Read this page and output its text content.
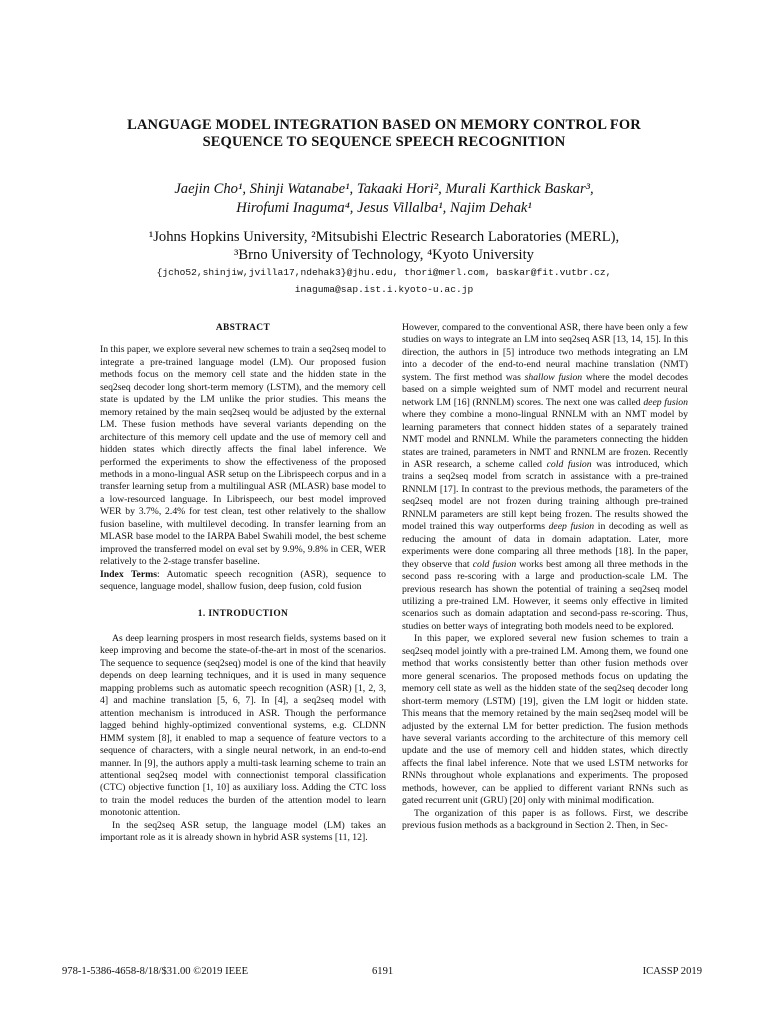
LANGUAGE MODEL INTEGRATION BASED ON MEMORY CONTROL FOR
SEQUENCE TO SEQUENCE SPEECH RECOGNITION
Jaejin Cho¹, Shinji Watanabe¹, Takaaki Hori², Murali Karthick Baskar³,
Hirofumi Inaguma⁴, Jesus Villalba¹, Najim Dehak¹
¹Johns Hopkins University, ²Mitsubishi Electric Research Laboratories (MERL),
³Brno University of Technology, ⁴Kyoto University
{jcho52,shinjiw,jvilla17,ndehak3}@jhu.edu, thori@merl.com, baskar@fit.vutbr.cz,
inaguma@sap.ist.i.kyoto-u.ac.jp
ABSTRACT

In this paper, we explore several new schemes to train a seq2seq model to integrate a pre-trained language model (LM). Our proposed fusion methods focus on the memory cell state and the hidden state in the seq2seq decoder long short-term memory (LSTM), and the memory cell state is updated by the LM unlike the prior studies. This means the memory retained by the main seq2seq would be adjusted by the external LM. These fusion methods have several variants depending on the architecture of this memory cell update and the use of memory cell and hidden states which directly affects the final label inference. We performed the experiments to show the effectiveness of the proposed methods in a mono-lingual ASR setup on the Librispeech corpus and in a transfer learning setup from a multilingual ASR (MLASR) base model to a low-resourced language. In Librispeech, our best model improved WER by 3.7%, 2.4% for test clean, test other relatively to the shallow fusion baseline, with multilevel decoding. In transfer learning from an MLASR base model to the IARPA Babel Swahili model, the best scheme improved the transferred model on eval set by 9.9%, 9.8% in CER, WER relatively to the 2-stage transfer baseline.

Index Terms: Automatic speech recognition (ASR), sequence to sequence, language model, shallow fusion, deep fusion, cold fusion

1. INTRODUCTION

As deep learning prospers in most research fields, systems based on it keep improving and become the state-of-the-art in most of the scenarios. The sequence to sequence (seq2seq) model is one of the kind that heavily depends on deep learning techniques, and it is used in many sequence mapping problems such as automatic speech recognition (ASR) [1, 2, 3, 4] and machine translation [5, 6, 7]. In [4], a seq2seq model with attention mechanism is introduced in ASR. Though the performance lagged behind highly-optimized conventional systems, e.g. CLDNN HMM system [8], it enabled to map a sequence of feature vectors to a sequence of characters, with a single neural network, in an end-to-end manner. In [9], the authors apply a multi-task learning scheme to train an attentional seq2seq model with connectionist temporal classification (CTC) objective function [1, 10] as auxiliary loss. Adding the CTC loss to train the model reduces the burden of the attention model to learn monotonic attention.

In the seq2seq ASR setup, the language model (LM) takes an important role as it is already shown in hybrid ASR systems [11, 12].

However, compared to the conventional ASR, there have been only a few studies on ways to integrate an LM into seq2seq ASR [13, 14, 15]. In this direction, the authors in [5] introduce two methods integrating an LM into a decoder of the end-to-end neural machine translation (NMT) system. The first method was shallow fusion where the model decodes based on a simple weighted sum of NMT model and recurrent neural network LM [16] (RNNLM) scores. The next one was called deep fusion where they combine a mono-lingual RNNLM with an NMT model by learning parameters that connect hidden states of a separately trained NMT model and RNNLM. While the parameters connecting the hidden states are trained, parameters in NMT and RNNLM are frozen. Recently in ASR research, a scheme called cold fusion was introduced, which trains a seq2seq model from scratch in assistance with a pre-trained RNNLM [17]. In contrast to the previous methods, the parameters of the seq2seq model are not frozen during training although pre-trained RNNLM parameters are still kept being frozen. The results showed the model trained this way outperforms deep fusion in decoding as well as reducing the amount of data in domain adaptation. Later, more experiments were done comparing all three methods [18]. In the paper, they observe that cold fusion works best among all three methods in the second pass re-scoring with a large and production-scale LM. The previous research has shown the potential of training a seq2seq model utilizing a pre-trained LM. However, it seems only effective in limited scenarios such as domain adaptation and second-pass re-scoring. Thus, studies on better ways of integrating both models need to be explored.

In this paper, we explored several new fusion schemes to train a seq2seq model jointly with a pre-trained LM. Among them, we found one method that works consistently better than other fusion methods over more general scenarios. The proposed methods focus on updating the memory cell state as well as the hidden state of the seq2seq decoder long short-term memory (LSTM) [19], given the LM logit or hidden state. This means that the memory retained by the main seq2seq model will be adjusted by the external LM for better prediction. The fusion methods have several variants according to the architecture of this memory cell update and the use of memory cell and hidden states, which directly affects the final label inference. Note that we used LSTM networks for RNNs throughout whole explanations and experiments. The proposed methods, however, can be applied to different variant RNNs such as gated recurrent unit (GRU) [20] only with minimal modification.

The organization of this paper is as follows. First, we describe previous fusion methods as a background in Section 2. Then, in Sec-

978-1-5386-4658-8/18/$31.00 ©2019 IEEE	6191	ICASSP 2019
